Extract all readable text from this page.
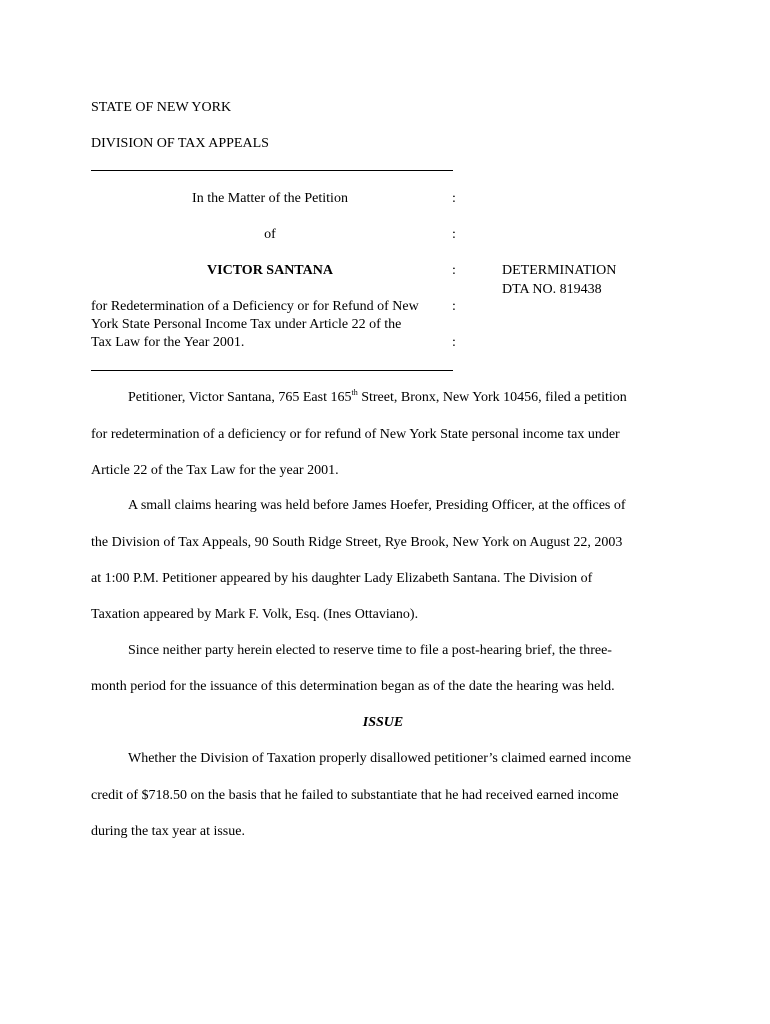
STATE OF NEW YORK
DIVISION OF TAX APPEALS
In the Matter of the Petition	:
of	:
VICTOR SANTANA	:	DETERMINATION
DTA NO. 819438
for Redetermination of a Deficiency or for Refund of New :
York State Personal Income Tax under Article 22 of the
Tax Law for the Year 2001.	:
Petitioner, Victor Santana, 765 East 165th Street, Bronx, New York 10456, filed a petition
for redetermination of a deficiency or for refund of New York State personal income tax under
Article 22 of the Tax Law for the year 2001.
A small claims hearing was held before James Hoefer, Presiding Officer, at the offices of
the Division of Tax Appeals, 90 South Ridge Street, Rye Brook, New York on August 22, 2003
at 1:00 P.M. Petitioner appeared by his daughter Lady Elizabeth Santana. The Division of
Taxation appeared by Mark F. Volk, Esq. (Ines Ottaviano).
Since neither party herein elected to reserve time to file a post-hearing brief, the three-
month period for the issuance of this determination began as of the date the hearing was held.
ISSUE
Whether the Division of Taxation properly disallowed petitioner’s claimed earned income
credit of $718.50 on the basis that he failed to substantiate that he had received earned income
during the tax year at issue.
